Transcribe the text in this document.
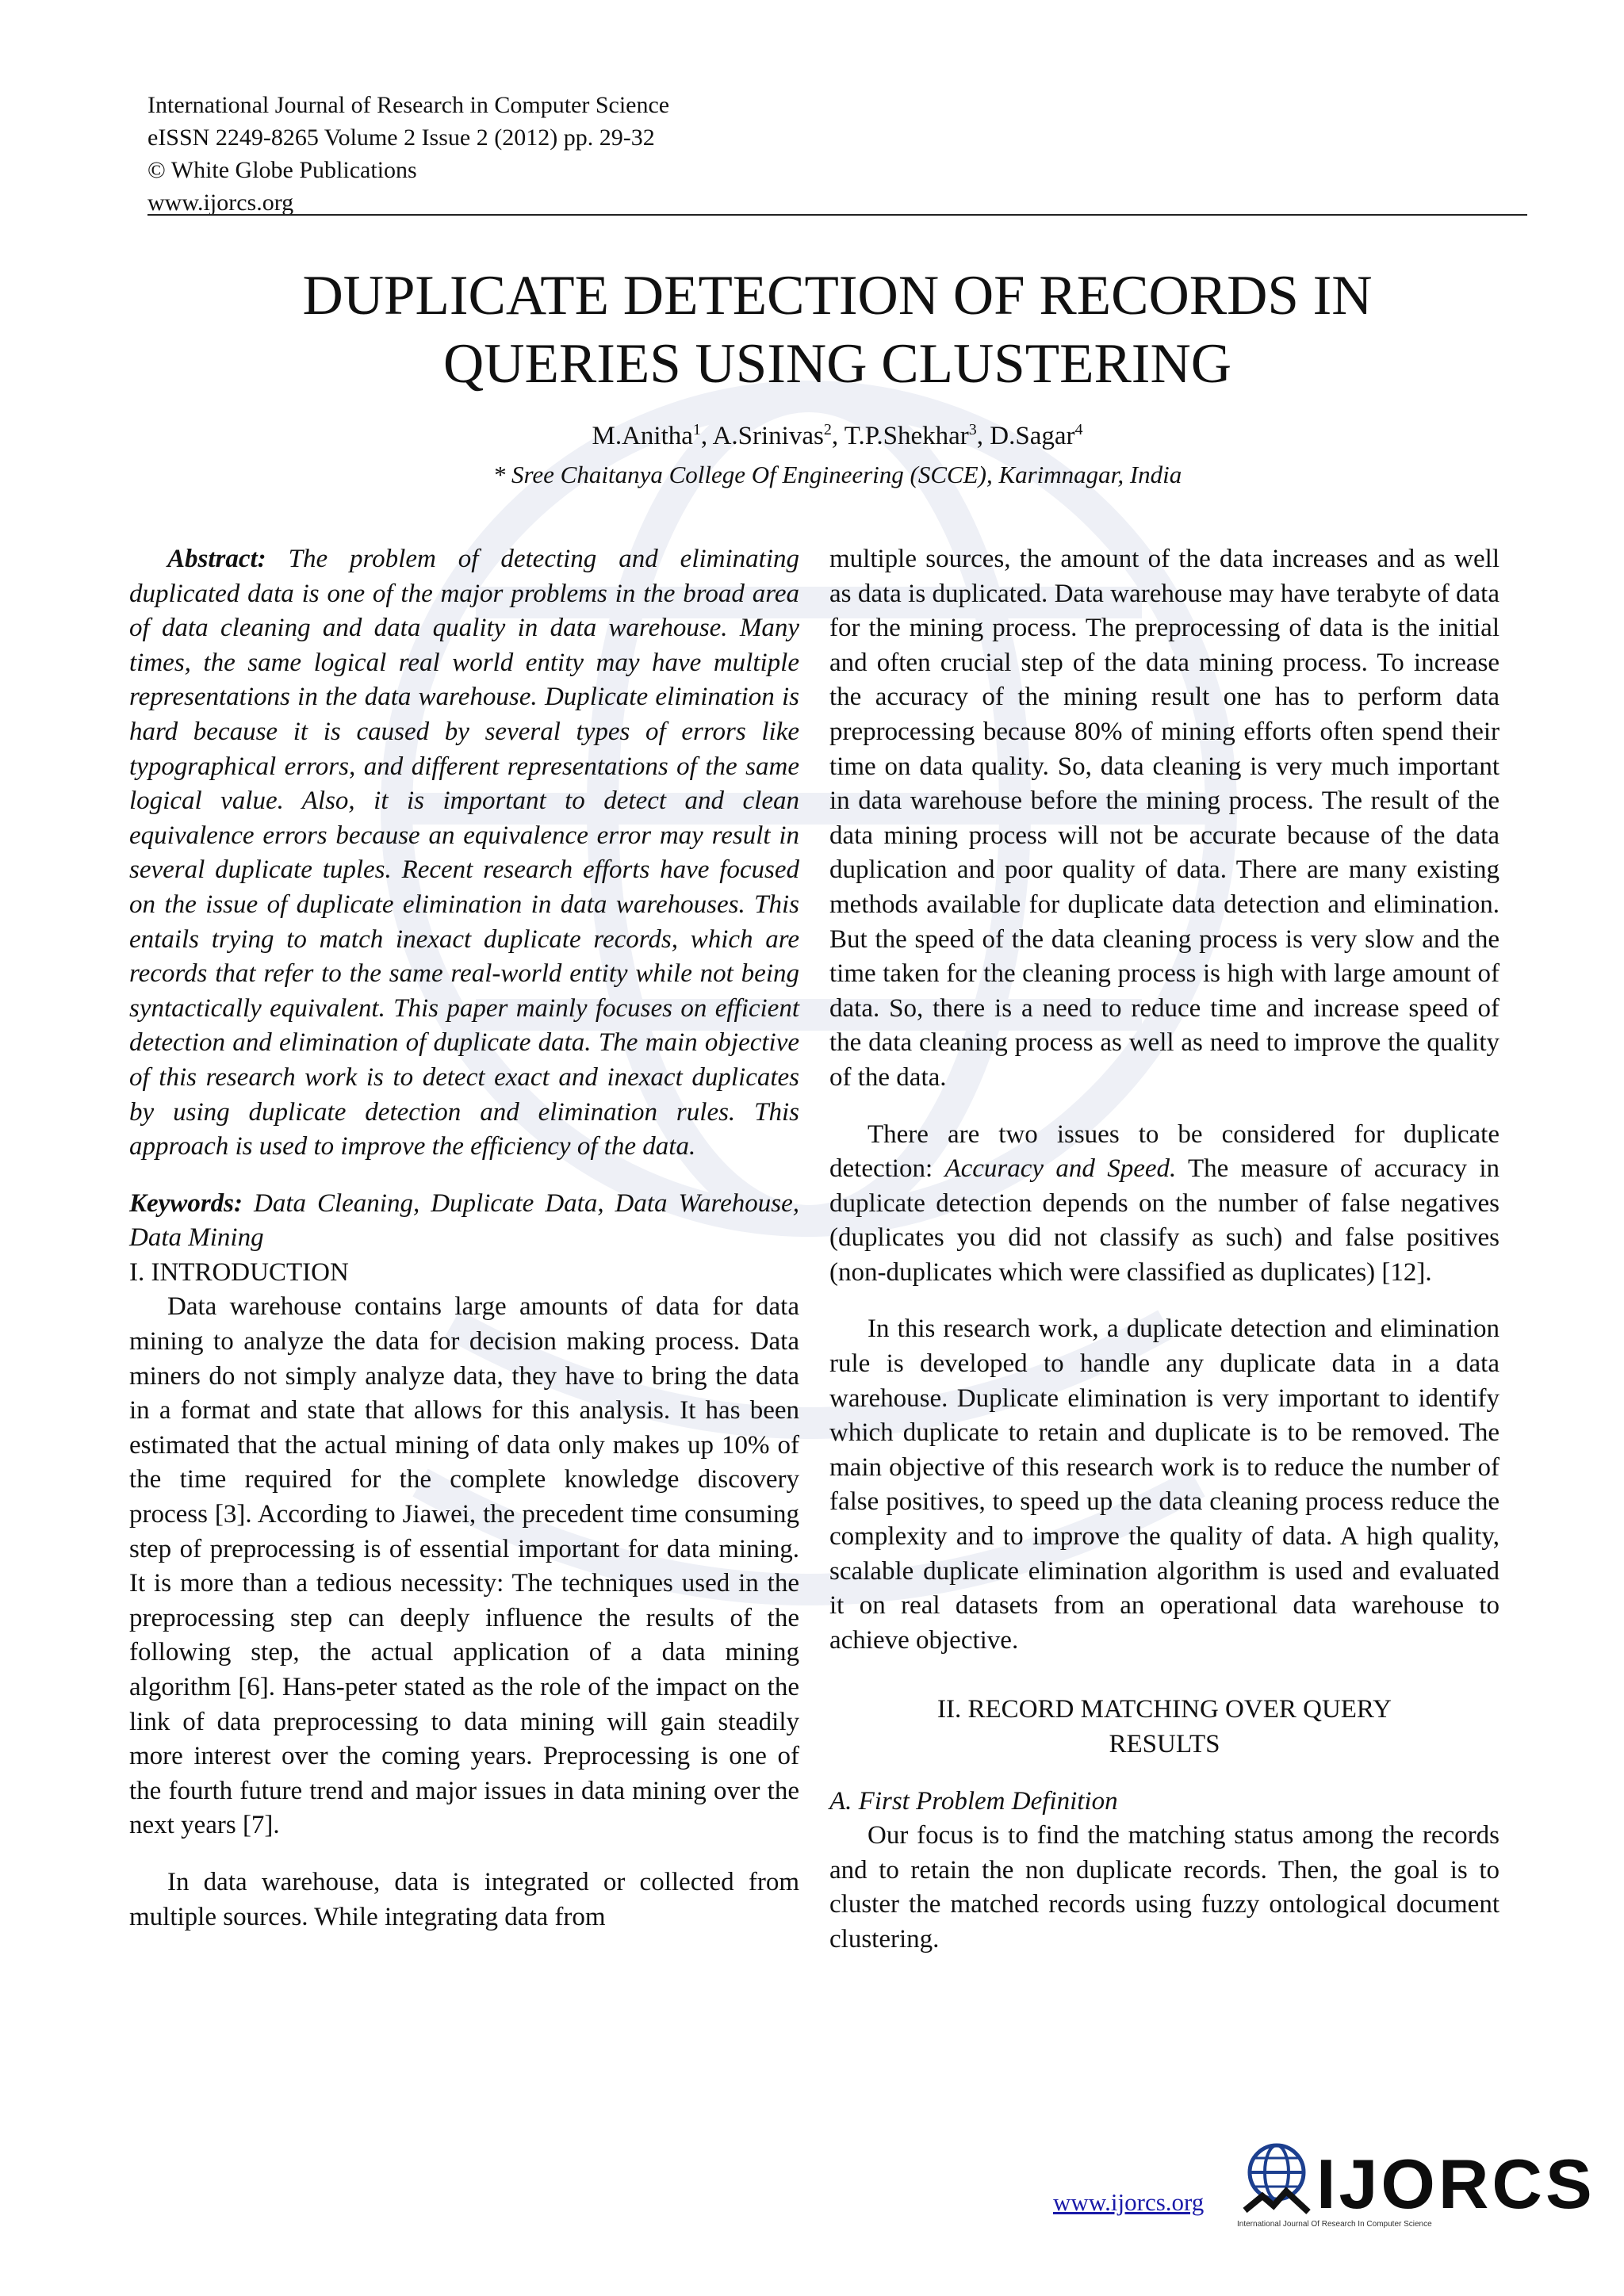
International Journal of Research in Computer Science
eISSN 2249-8265 Volume 2 Issue 2 (2012) pp. 29-32
© White Globe Publications
www.ijorcs.org
DUPLICATE DETECTION OF RECORDS IN
QUERIES USING CLUSTERING
M.Anitha$^1$, A.Srinivas$^2$, T.P.Shekhar$^3$, D.Sagar$^4$
* Sree Chaitanya College Of Engineering (SCCE), Karimnagar, India

Abstract: The problem of detecting and eliminating duplicated data is one of the major problems in the broad area of data cleaning and data quality in data warehouse. Many times, the same logical real world entity may have multiple representations in the data warehouse. Duplicate elimination is hard because it is caused by several types of errors like typographical errors, and different representations of the same logical value. Also, it is important to detect and clean equivalence errors because an equivalence error may result in several duplicate tuples. Recent research efforts have focused on the issue of duplicate elimination in data warehouses. This entails trying to match inexact duplicate records, which are records that refer to the same real-world entity while not being syntactically equivalent. This paper mainly focuses on efficient detection and elimination of duplicate data. The main objective of this research work is to detect exact and inexact duplicates by using duplicate detection and elimination rules. This approach is used to improve the efficiency of the data.

Keywords: Data Cleaning, Duplicate Data, Data Warehouse, Data Mining

I. INTRODUCTION

Data warehouse contains large amounts of data for data mining to analyze the data for decision making process. Data miners do not simply analyze data, they have to bring the data in a format and state that allows for this analysis. It has been estimated that the actual mining of data only makes up 10% of the time required for the complete knowledge discovery process [3]. According to Jiawei, the precedent time consuming step of preprocessing is of essential important for data mining. It is more than a tedious necessity: The techniques used in the preprocessing step can deeply influence the results of the following step, the actual application of a data mining algorithm [6]. Hans-peter stated as the role of the impact on the link of data preprocessing to data mining will gain steadily more interest over the coming years. Preprocessing is one of the fourth future trend and major issues in data mining over the next years [7].

In data warehouse, data is integrated or collected from multiple sources. While integrating data from

multiple sources, the amount of the data increases and as well as data is duplicated. Data warehouse may have terabyte of data for the mining process. The preprocessing of data is the initial and often crucial step of the data mining process. To increase the accuracy of the mining result one has to perform data preprocessing because 80% of mining efforts often spend their time on data quality. So, data cleaning is very much important in data warehouse before the mining process. The result of the data mining process will not be accurate because of the data duplication and poor quality of data. There are many existing methods available for duplicate data detection and elimination. But the speed of the data cleaning process is very slow and the time taken for the cleaning process is high with large amount of data. So, there is a need to reduce time and increase speed of the data cleaning process as well as need to improve the quality of the data.

There are two issues to be considered for duplicate detection: Accuracy and Speed. The measure of accuracy in duplicate detection depends on the number of false negatives (duplicates you did not classify as such) and false positives (non-duplicates which were classified as duplicates) [12].

In this research work, a duplicate detection and elimination rule is developed to handle any duplicate data in a data warehouse. Duplicate elimination is very important to identify which duplicate to retain and duplicate is to be removed. The main objective of this research work is to reduce the number of false positives, to speed up the data cleaning process reduce the complexity and to improve the quality of data. A high quality, scalable duplicate elimination algorithm is used and evaluated it on real datasets from an operational data warehouse to achieve objective.

II. RECORD MATCHING OVER QUERY
RESULTS

A. First Problem Definition

Our focus is to find the matching status among the records and to retain the non duplicate records. Then, the goal is to cluster the matched records using fuzzy ontological document clustering.

www.ijorcs.org IJORCS
International Journal Of Research In Computer Science
